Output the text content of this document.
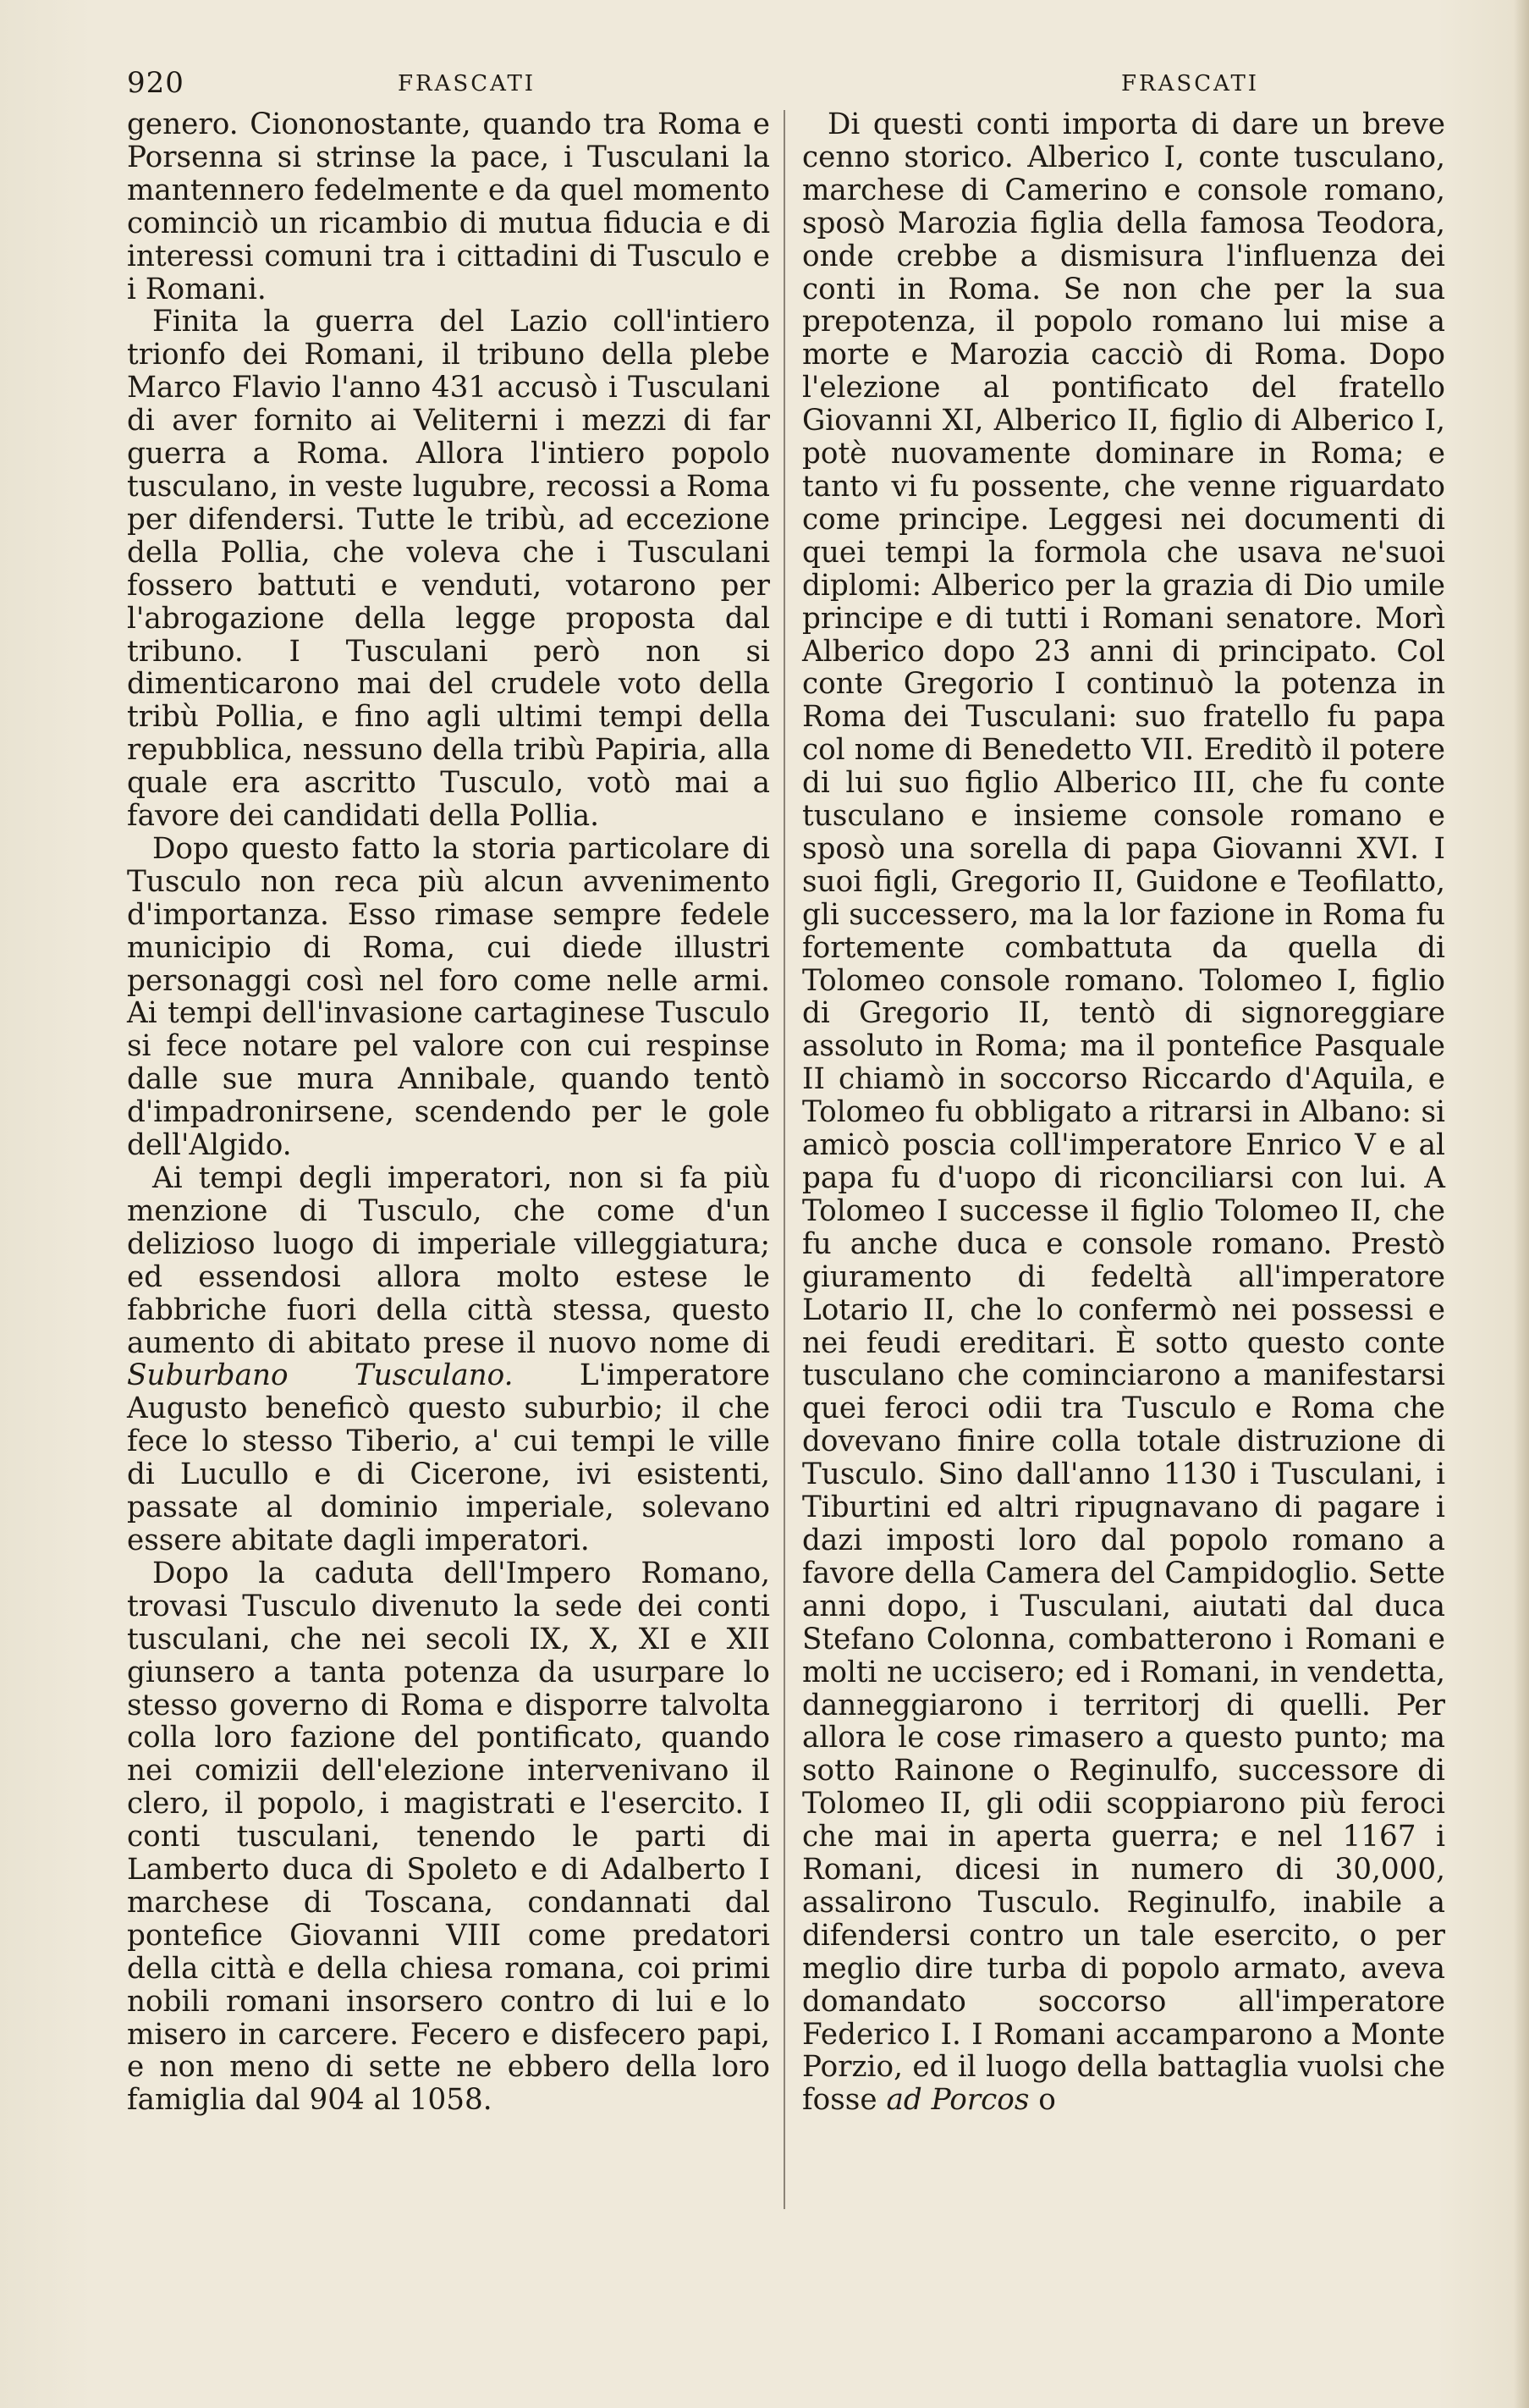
920	FRASCATI	FRASCATI

genero. Ciononostante, quando tra Roma e Porsenna si strinse la pace, i Tusculani la mantennero fedelmente e da quel momento cominciò un ricambio di mutua fiducia e di interessi comuni tra i cittadini di Tusculo e i Romani.

Finita la guerra del Lazio coll'intiero trionfo dei Romani, il tribuno della plebe Marco Flavio l'anno 431 accusò i Tusculani di aver fornito ai Veliterni i mezzi di far guerra a Roma. Allora l'intiero popolo tusculano, in veste lugubre, recossi a Roma per difendersi. Tutte le tribù, ad eccezione della Pollia, che voleva che i Tusculani fossero battuti e venduti, votarono per l'abrogazione della legge proposta dal tribuno. I Tusculani però non si dimenticarono mai del crudele voto della tribù Pollia, e fino agli ultimi tempi della repubblica, nessuno della tribù Papiria, alla quale era ascritto Tusculo, votò mai a favore dei candidati della Pollia.

Dopo questo fatto la storia particolare di Tusculo non reca più alcun avvenimento d'importanza. Esso rimase sempre fedele municipio di Roma, cui diede illustri personaggi così nel foro come nelle armi. Ai tempi dell'invasione cartaginese Tusculo si fece notare pel valore con cui respinse dalle sue mura Annibale, quando tentò d'impadronirsene, scendendo per le gole dell'Algido.

Ai tempi degli imperatori, non si fa più menzione di Tusculo, che come d'un delizioso luogo di imperiale villeggiatura; ed essendosi allora molto estese le fabbriche fuori della città stessa, questo aumento di abitato prese il nuovo nome di Suburbano Tusculano. L'imperatore Augusto beneficò questo suburbio; il che fece lo stesso Tiberio, a' cui tempi le ville di Lucullo e di Cicerone, ivi esistenti, passate al dominio imperiale, solevano essere abitate dagli imperatori.

Dopo la caduta dell'Impero Romano, trovasi Tusculo divenuto la sede dei conti tusculani, che nei secoli IX, X, XI e XII giunsero a tanta potenza da usurpare lo stesso governo di Roma e disporre talvolta colla loro fazione del pontificato, quando nei comizii dell'elezione intervenivano il clero, il popolo, i magistrati e l'esercito. I conti tusculani, tenendo le parti di Lamberto duca di Spoleto e di Adalberto I marchese di Toscana, condannati dal pontefice Giovanni VIII come predatori della città e della chiesa romana, coi primi nobili romani insorsero contro di lui e lo misero in carcere. Fecero e disfecero papi, e non meno di sette ne ebbero della loro famiglia dal 904 al 1058.

Di questi conti importa di dare un breve cenno storico. Alberico I, conte tusculano, marchese di Camerino e console romano, sposò Marozia figlia della famosa Teodora, onde crebbe a dismisura l'influenza dei conti in Roma. Se non che per la sua prepotenza, il popolo romano lui mise a morte e Marozia cacciò di Roma. Dopo l'elezione al pontificato del fratello Giovanni XI, Alberico II, figlio di Alberico I, potè nuovamente dominare in Roma; e tanto vi fu possente, che venne riguardato come principe. Leggesi nei documenti di quei tempi la formola che usava ne'suoi diplomi: Alberico per la grazia di Dio umile principe e di tutti i Romani senatore. Morì Alberico dopo 23 anni di principato. Col conte Gregorio I continuò la potenza in Roma dei Tusculani: suo fratello fu papa col nome di Benedetto VII. Ereditò il potere di lui suo figlio Alberico III, che fu conte tusculano e insieme console romano e sposò una sorella di papa Giovanni XVI. I suoi figli, Gregorio II, Guidone e Teofilatto, gli successero, ma la lor fazione in Roma fu fortemente combattuta da quella di Tolomeo console romano. Tolomeo I, figlio di Gregorio II, tentò di signoreggiare assoluto in Roma; ma il pontefice Pasquale II chiamò in soccorso Riccardo d'Aquila, e Tolomeo fu obbligato a ritrarsi in Albano: si amicò poscia coll'imperatore Enrico V e al papa fu d'uopo di riconciliarsi con lui. A Tolomeo I successe il figlio Tolomeo II, che fu anche duca e console romano. Prestò giuramento di fedeltà all'imperatore Lotario II, che lo confermò nei possessi e nei feudi ereditari. È sotto questo conte tusculano che cominciarono a manifestarsi quei feroci odii tra Tusculo e Roma che dovevano finire colla totale distruzione di Tusculo. Sino dall'anno 1130 i Tusculani, i Tiburtini ed altri ripugnavano di pagare i dazi imposti loro dal popolo romano a favore della Camera del Campidoglio. Sette anni dopo, i Tusculani, aiutati dal duca Stefano Colonna, combatterono i Romani e molti ne uccisero; ed i Romani, in vendetta, danneggiarono i territorj di quelli. Per allora le cose rimasero a questo punto; ma sotto Rainone o Reginulfo, successore di Tolomeo II, gli odii scoppiarono più feroci che mai in aperta guerra; e nel 1167 i Romani, dicesi in numero di 30,000, assalirono Tusculo. Reginulfo, inabile a difendersi contro un tale esercito, o per meglio dire turba di popolo armato, aveva domandato soccorso all'imperatore Federico I. I Romani accamparono a Monte Porzio, ed il luogo della battaglia vuolsi che fosse ad Porcos o
